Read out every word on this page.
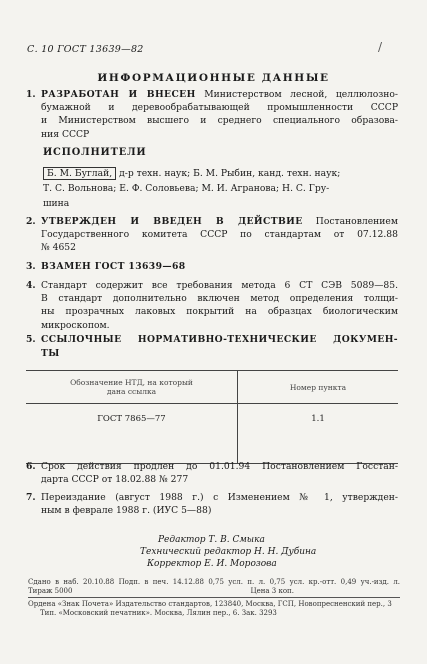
С. 10 ГОСТ 13639—82	/
ИНФОРМАЦИОННЫЕ ДАННЫЕ
1. РАЗРАБОТАН И ВНЕСЕН Министерством лесной, целлюлозно-
бумажной и деревообрабатывающей промышленности СССР
и Министерством высшего и среднего специального образова-
ния СССР
ИСПОЛНИТЕЛИ
Б. М. Буглай, д-р техн. наук; Б. М. Рыбин, канд. техн. наук;
Т. С. Вольнова; Е. Ф. Соловьева; М. И. Агранова; Н. С. Гру-
шина
2. УТВЕРЖДЕН И ВВЕДЕН В ДЕЙСТВИЕ Постановлением
Государственного комитета СССР по стандартам от 07.12.88
№ 4652
3. ВЗАМЕН ГОСТ 13639—68
4. Стандарт содержит все требования метода 6 СТ СЭВ 5089—85.
В стандарт дополнительно включен метод определения толщи-
ны прозрачных лаковых покрытий на образцах биологическим
микроскопом.
5. ССЫЛОЧНЫЕ НОРМАТИВНО-ТЕХНИЧЕСКИЕ ДОКУМЕН-
ТЫ
Обозначение НТД, на который
дана ссылка	Номер пункта
ГОСТ 7865—77	1.1
6. Срок действия продлен до 01.01.94 Постановлением Госстан-
дарта СССР от 18.02.88 № 277
7. Переиздание (август 1988 г.) с Изменением № 1, утвержден-
ным в феврале 1988 г. (ИУС 5—88)
Редактор Т. В. Смыка
Технический редактор Н. Н. Дубина
Корректор Е. И. Морозова
Сдано в наб. 20.10.88 Подп. в печ. 14.12.88 0,75 усл. п. л. 0,75 усл. кр.-отт. 0,49 уч.-изд. л.
Тираж 5000                                                                                Цена 3 коп.
Ордена «Знак Почета» Издательство стандартов, 123840, Москва, ГСП, Новопресненский пер., 3
Тип. «Московский печатник». Москва, Лялин пер., 6. Зак. 3293
